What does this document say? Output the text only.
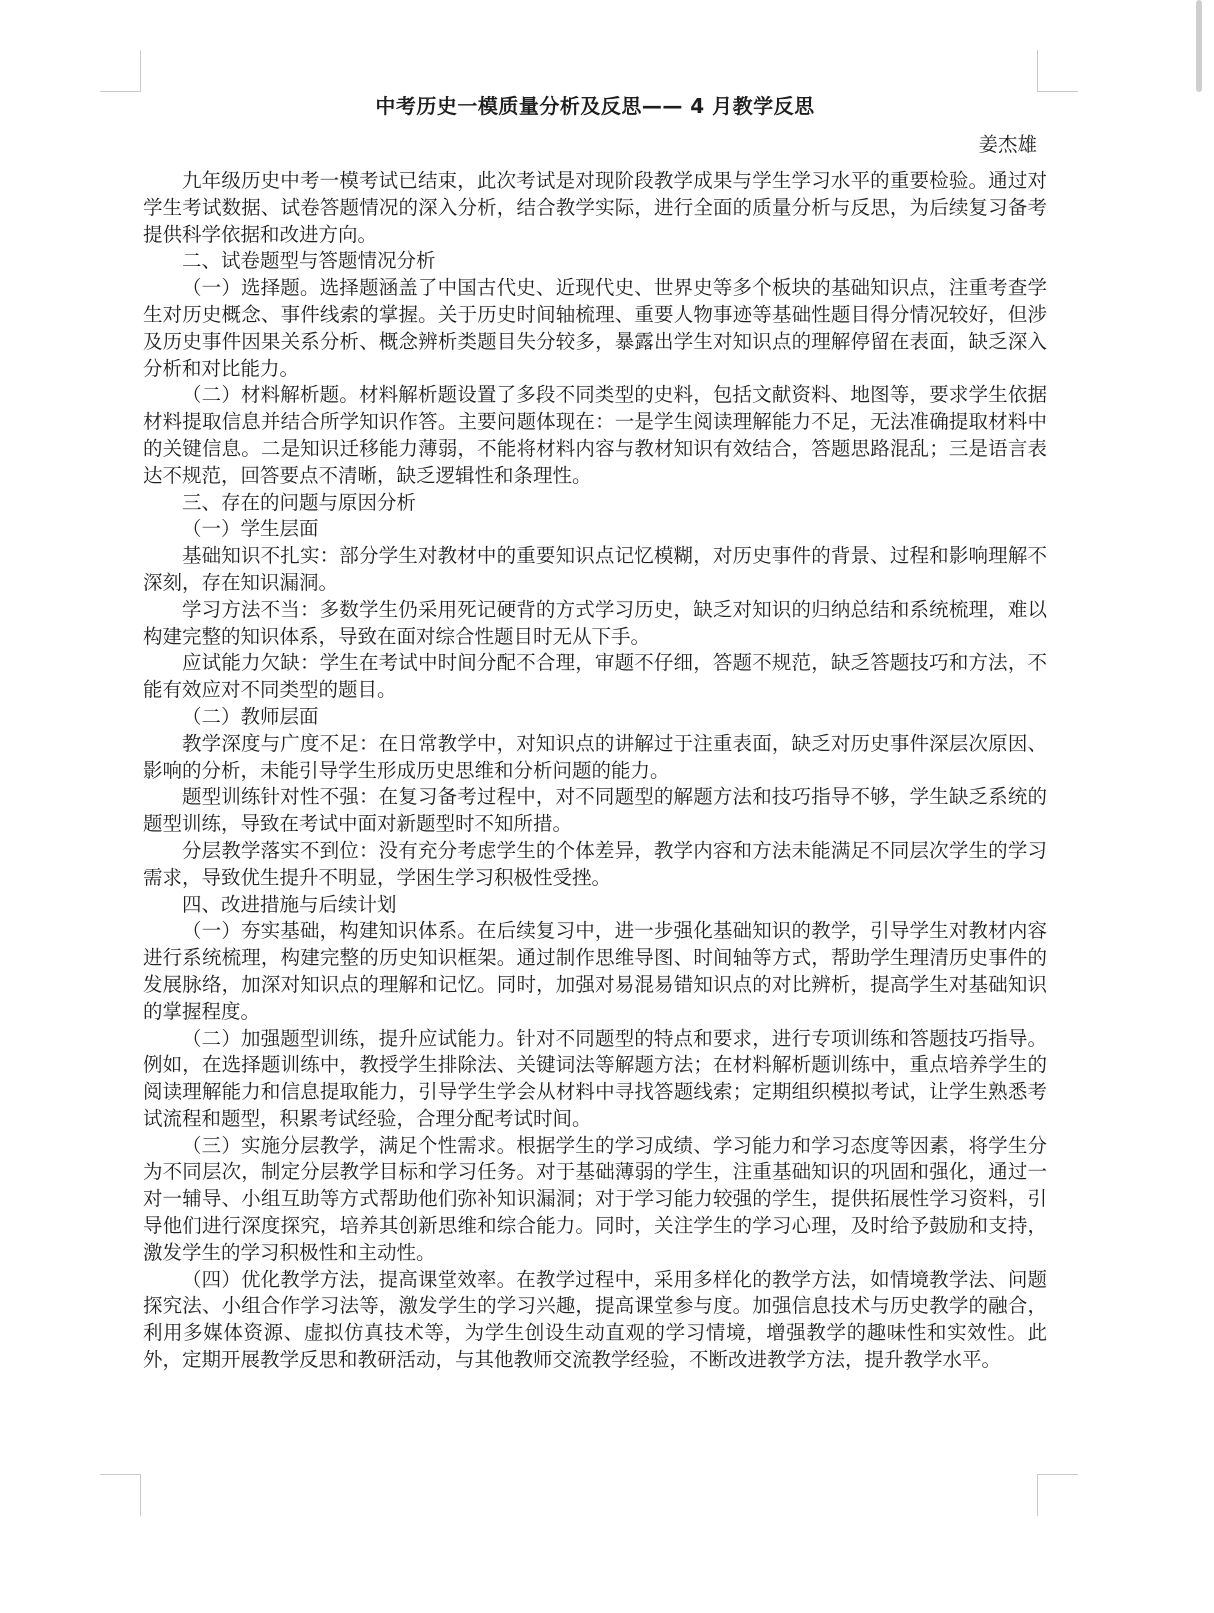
中考历史一模质量分析及反思—— 4 月教学反思
姜杰雄

九年级历史中考一模考试已结束，此次考试是对现阶段教学成果与学生学习水平的重要检验。通过对学生考试数据、试卷答题情况的深入分析，结合教学实际，进行全面的质量分析与反思，为后续复习备考提供科学依据和改进方向。

二、试卷题型与答题情况分析

（一）选择题。选择题涵盖了中国古代史、近现代史、世界史等多个板块的基础知识点，注重考查学生对历史概念、事件线索的掌握。关于历史时间轴梳理、重要人物事迹等基础性题目得分情况较好，但涉及历史事件因果关系分析、概念辨析类题目失分较多，暴露出学生对知识点的理解停留在表面，缺乏深入分析和对比能力。

（二）材料解析题。材料解析题设置了多段不同类型的史料，包括文献资料、地图等，要求学生依据材料提取信息并结合所学知识作答。主要问题体现在：一是学生阅读理解能力不足，无法准确提取材料中的关键信息。二是知识迁移能力薄弱，不能将材料内容与教材知识有效结合，答题思路混乱；三是语言表达不规范，回答要点不清晰，缺乏逻辑性和条理性。

三、存在的问题与原因分析

（一）学生层面

基础知识不扎实：部分学生对教材中的重要知识点记忆模糊，对历史事件的背景、过程和影响理解不深刻，存在知识漏洞。

学习方法不当：多数学生仍采用死记硬背的方式学习历史，缺乏对知识的归纳总结和系统梳理，难以构建完整的知识体系，导致在面对综合性题目时无从下手。

应试能力欠缺：学生在考试中时间分配不合理，审题不仔细，答题不规范，缺乏答题技巧和方法，不能有效应对不同类型的题目。

（二）教师层面

教学深度与广度不足：在日常教学中，对知识点的讲解过于注重表面，缺乏对历史事件深层次原因、影响的分析，未能引导学生形成历史思维和分析问题的能力。

题型训练针对性不强：在复习备考过程中，对不同题型的解题方法和技巧指导不够，学生缺乏系统的题型训练，导致在考试中面对新题型时不知所措。

分层教学落实不到位：没有充分考虑学生的个体差异，教学内容和方法未能满足不同层次学生的学习需求，导致优生提升不明显，学困生学习积极性受挫。

四、改进措施与后续计划

（一）夯实基础，构建知识体系。在后续复习中，进一步强化基础知识的教学，引导学生对教材内容进行系统梳理，构建完整的历史知识框架。通过制作思维导图、时间轴等方式，帮助学生理清历史事件的发展脉络，加深对知识点的理解和记忆。同时，加强对易混易错知识点的对比辨析，提高学生对基础知识的掌握程度。

（二）加强题型训练，提升应试能力。针对不同题型的特点和要求，进行专项训练和答题技巧指导。例如，在选择题训练中，教授学生排除法、关键词法等解题方法；在材料解析题训练中，重点培养学生的阅读理解能力和信息提取能力，引导学生学会从材料中寻找答题线索；定期组织模拟考试，让学生熟悉考试流程和题型，积累考试经验，合理分配考试时间。

（三）实施分层教学，满足个性需求。根据学生的学习成绩、学习能力和学习态度等因素，将学生分为不同层次，制定分层教学目标和学习任务。对于基础薄弱的学生，注重基础知识的巩固和强化，通过一对一辅导、小组互助等方式帮助他们弥补知识漏洞；对于学习能力较强的学生，提供拓展性学习资料，引导他们进行深度探究，培养其创新思维和综合能力。同时，关注学生的学习心理，及时给予鼓励和支持，激发学生的学习积极性和主动性。

（四）优化教学方法，提高课堂效率。在教学过程中，采用多样化的教学方法，如情境教学法、问题探究法、小组合作学习法等，激发学生的学习兴趣，提高课堂参与度。加强信息技术与历史教学的融合，利用多媒体资源、虚拟仿真技术等，为学生创设生动直观的学习情境，增强教学的趣味性和实效性。此外，定期开展教学反思和教研活动，与其他教师交流教学经验，不断改进教学方法，提升教学水平。
